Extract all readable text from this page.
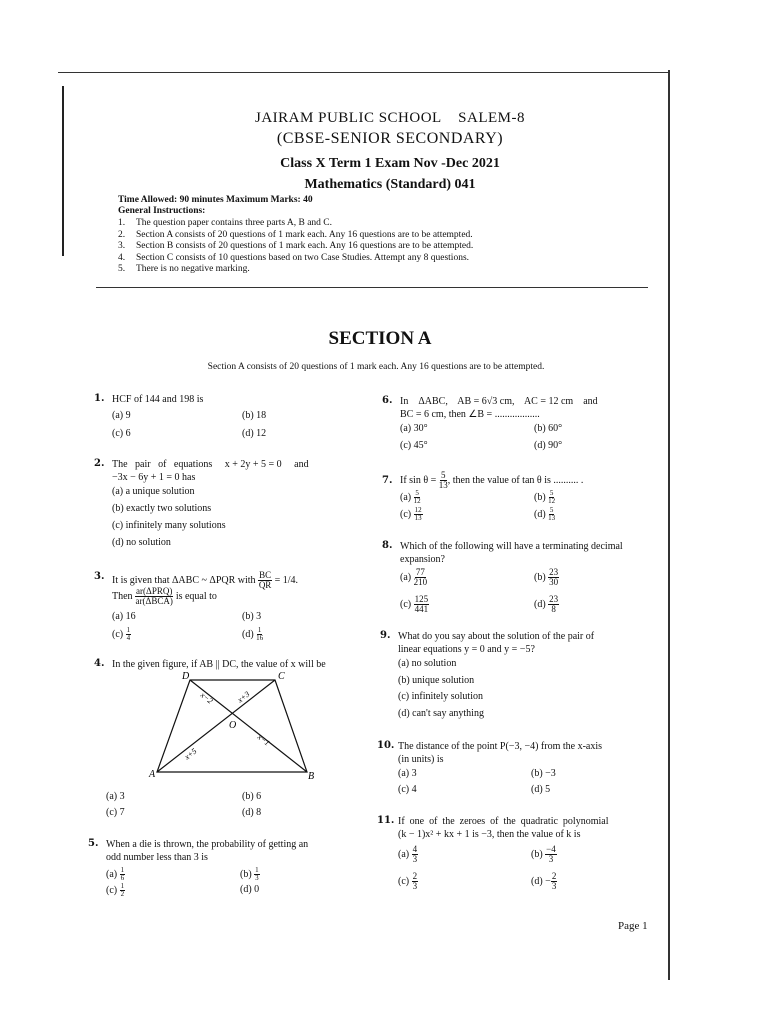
JAIRAM PUBLIC SCHOOL    SALEM-8
(CBSE-SENIOR SECONDARY)
Class X Term 1 Exam Nov -Dec 2021
Mathematics (Standard) 041
Time Allowed: 90 minutes Maximum Marks: 40
General Instructions:
1. The question paper contains three parts A, B and C.
2. Section A consists of 20 questions of 1 mark each. Any 16 questions are to be attempted.
3. Section B consists of 20 questions of 1 mark each. Any 16 questions are to be attempted.
4. Section C consists of 10 questions based on two Case Studies. Attempt any 8 questions.
5. There is no negative marking.
SECTION A
Section A consists of 20 questions of 1 mark each. Any 16 questions are to be attempted.
1. HCF of 144 and 198 is
(a) 9	(b) 18
(c) 6	(d) 12
2. The   pair   of   equations     x + 2y + 5 = 0     and
−3x − 6y + 1 = 0 has
(a) a unique solution
(b) exactly two solutions
(c) infinitely many solutions
(d) no solution
3. It is given that ΔABC ~ ΔPQR with $\frac{BC}{QR} = 1/4$.
Then $\frac{\text{ar(ΔPRQ)}}{\text{ar(ΔBCA)}}$ is equal to
(a) 16	(b) 3
$(c) \frac{1}{4}$	$(d) \frac{1}{16}$
4. In the given figure, if AB || DC, the value of x will be
D	C
A	B
O
x−2	x+3
x+5
x−1
(a) 3	(b) 6
(c) 7	(d) 8
5. When a die is thrown, the probability of getting an
odd number less than 3 is
$(a) \frac{1}{6}$	$(b) \frac{1}{3}$
$(c) \frac{1}{2}$	(d) 0
6. In    ΔABC,    AB = 6√3 cm,    AC = 12 cm    and
BC = 6 cm, then ∠B = ..................
(a) 30°	(b) 60°
(c) 45°	(d) 90°
7. If $\sin \theta = \frac{5}{13}$ , then the value of tan θ is .......... .
$(a) \frac{5}{12}$	$(b) \frac{5}{12}$
$(c) \frac{12}{13}$	$(d) \frac{5}{13}$
8. Which of the following will have a terminating decimal
expansion?
$(a) \frac{77}{210}$	$(b) \frac{23}{30}$
$(c) \frac{125}{441}$	$(d) \frac{23}{8}$
9. What do you say about the solution of the pair of
linear equations y = 0 and y = −5?
(a) no solution
(b) unique solution
(c) infinitely solution
(d) can't say anything
10. The distance of the point P(−3, −4) from the x-axis
(in units) is
(a) 3	(b) −3
(c) 4	(d) 5
11. If  one  of  the  zeroes  of  the  quadratic  polynomial
(k − 1)x² + kx + 1 is −3, then the value of k is
$(a) \frac{4}{3}$	$(b) \frac{-4}{3}$
$(c) \frac{2}{3}$	$(d) - \frac{2}{3}$
Page 1
